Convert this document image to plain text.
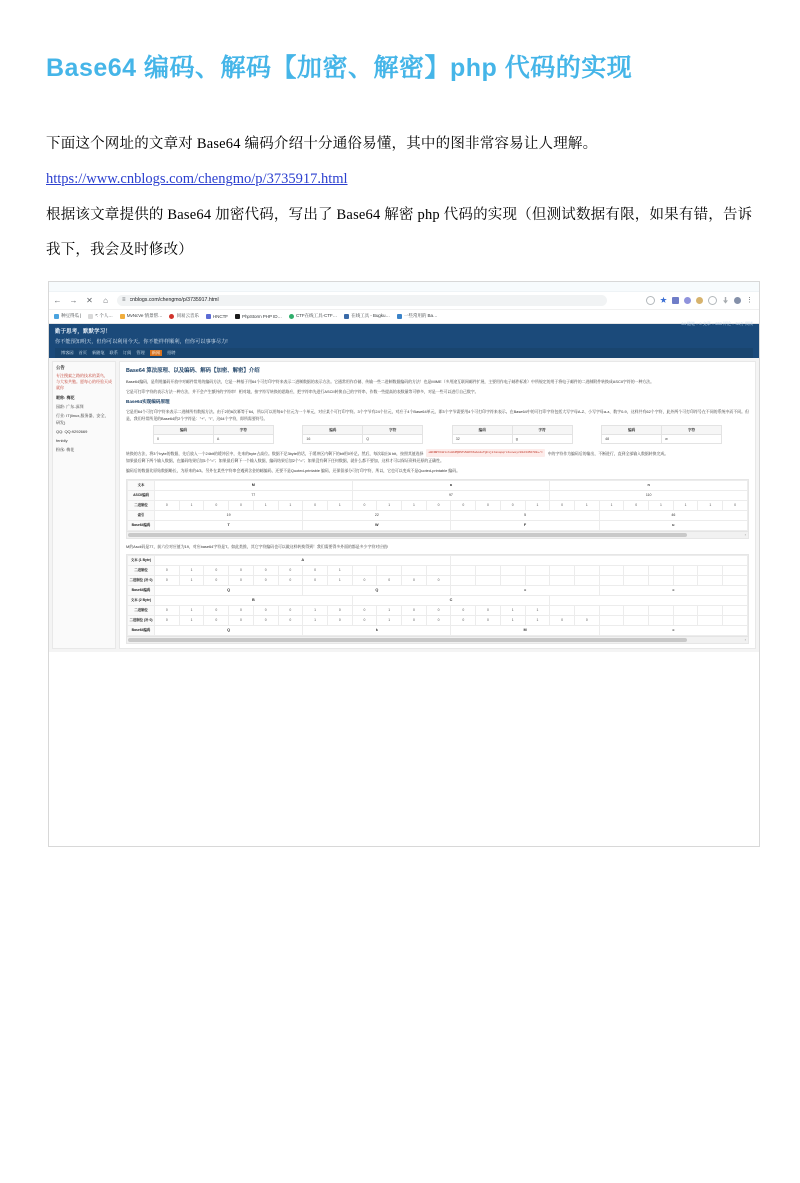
Base64 编码、解码【加密、解密】php 代码的实现

下面这个网址的文章对 Base64 编码介绍十分通俗易懂，其中的图非常容易让人理解。

https://www.cnblogs.com/chengmo/p/3735917.html

根据该文章提供的 Base64 加密代码，写出了 Base64 解密 php 代码的实现（但测试数据有限，如果有错，告诉我下，我会及时修改）

← → ✕ ⌂	≡ cnblogs.com/chengmo/p/3735917.html	⋮
种豆得瓜 |	*: 个人…	MvNcVe 情景帮…	同易云音乐	HNCTF	PhpStorm PHP ID…	CTF在线工具-CTF…	在线工具 - Bugku…	一些常用的 Ba…
64 随笔 :: 0 文章 :: 633 评论 :: 34万 阅读
勤于思考，默默学习！
你不能预知明天，但你可以利用今天。你不能样样顺利，但你可以事事尽力!
博客园 首页 新随笔 联系 订阅 管理	新闻	招聘
公告
专注搜索之路的技术的菜鸟，
与大家共勉。愿每心的经验天成就你
昵称: 梅花
园龄: 广东-深圳
行业: IT(linux,服务器，安全，研发)
QQ: QQ:9292669
fenbily
粉丝: 梅花
Base64 算法原理、以及编码、解码【加密、解密】介绍

Base64编码，是利用编码开放中对邮件常用的编码方法，它是一种基于用64个可打印字符来表示二进制数据的表示方法。它通常用作存储、传输一些二进制数据编码的方法！也是MIME（多用途互联网邮件扩展，主要用作电子邮件标准）中所规定的用于将电子邮件的二进制附件转换成ASCII字符的一种方法。

它是可打印字符的表示方法一种方法，并不会产生额外的字符串！相对地，按字符写转换的思路应，把字符串先进行ASCII转换自己的字符串，作数一些提高的表数量等可够多，对是一些可以进行自己数字。

Base64实现编码原理

它是用64个可打印字符来表示二进制所有数据方法。由于2的6次幂等于64，所以可以用每6个位元为一个单元，对应某个可打印字符。3个字节有24个位元，对应于4个Base64单元，即3个字节需要用4个可打印字符来表示。在Base64中的可打印字符包括大写字母A-Z、小写字母a-z、数字0-9，这样共有62个字符，此外两个可打印符号在不同的系统中而不同。但是，我们经常所见的Base64的2个字符是："+"、"/"，这64个字符，即所需要符号。

	编码	字符		编码	字符		编码	字符		编码	字符	
	0	A		16	Q		32	g		48	w	
转换的方法，将3个byte的数据，先后放入一个24bit的缓冲区中，先来的byte占高位。数据不足3byte的话，于缓冲区内剩下的bit用0补足。然后，每次取出6 bit，按照其值选择	eBIDBY3n0lxlLHbPQRSTUVWXYZabcdefghijklmnopqrstuvwxyz0123456789+/=	中的字符作为编码后的输出，不断进行，直到全部输入数据转换完成。

如果最后剩下两个输入数据，在编码结果后加1个"="；如果最后剩下一个输入数据，编码结果后加2个"="；如果没有剩下任何数据，就什么都不要加，这样才可以保证资料还原的正确性。

编码后的数据比原始数据略长，为原来的4/3。另外在某些字符串会遇到含金的邮编码，还要不是Quoted-printable 编码，还保留部分可打印字符，所以，它也可以变成不是Quoted-printable 编码。

文本	M								a								n							
ASCII编码	77								97								110							
二进制位	0	1	0	0	1	1	0	1	0	1	1	0	0	0	0	1	0	1	1	0	1	1	1	0
索引	19						22						5						46					
Base64编码	T						W						F						u					
›

M的Ascii码是77，前六位对应值为19，对应base64字符是T。如此类推，其它字符编码也可以做这样转换得到！我们需要得多外面的都是多少字符对应值!

文本 (1 Byte)	A																							
二进制位	0	1	0	0	0	0	0	1																
二进制位 (补 0)	0	1	0	0	0	0	0	1	0	0	0	0												
Base64编码	Q						Q						=						=					
文本 (2 Byte)	B								C															
二进制位	0	1	0	0	0	0	1	0	0	1	0	0	0	0	1	1								
二进制位 (补 0)	0	1	0	0	0	0	1	0	0	1	0	0	0	0	1	1	0	0						
Base64编码	Q						k						M						=					
›
